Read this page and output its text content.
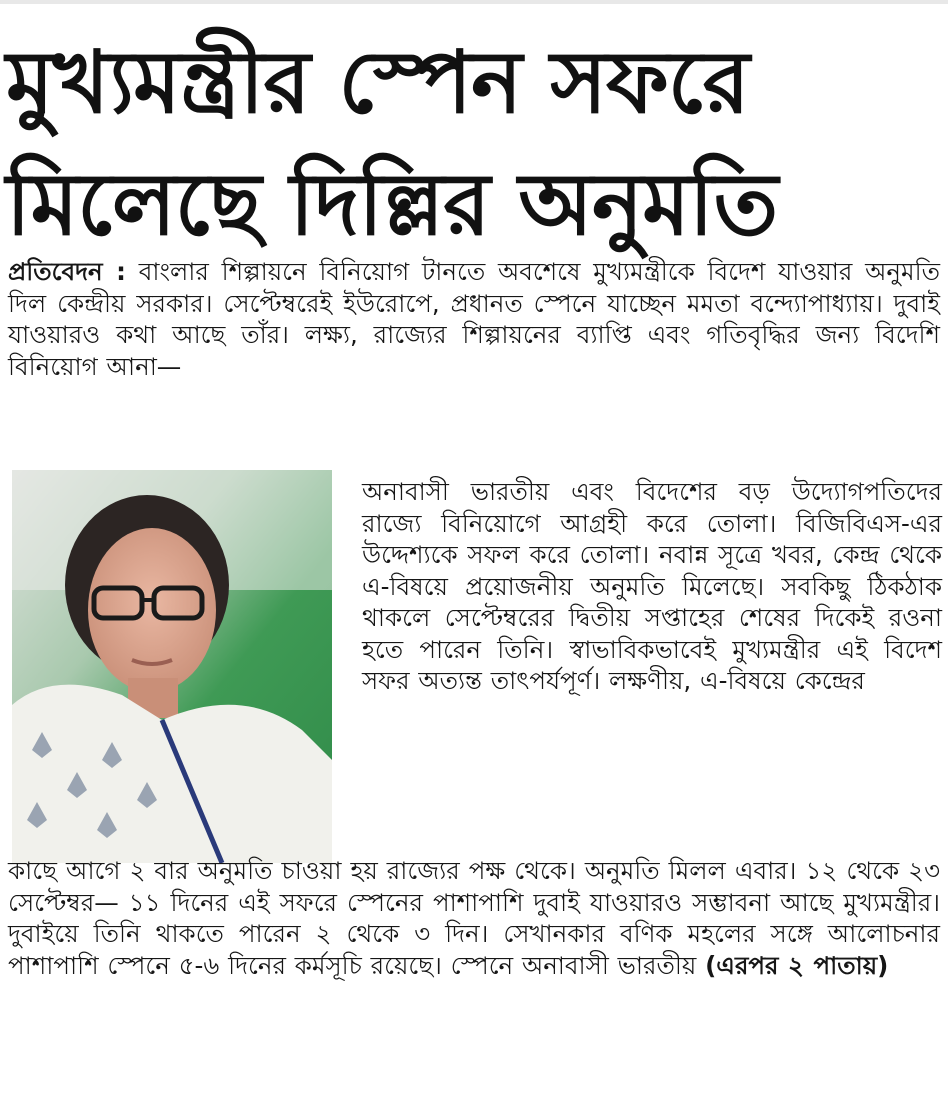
মুখ্যমন্ত্রীর স্পেন সফরে
মিলেছে দিল্লির অনুমতি
প্রতিবেদন : বাংলার শিল্পায়নে বিনিয়োগ টানতে অবশেষে মুখ্যমন্ত্রীকে বিদেশ যাওয়ার অনুমতি দিল কেন্দ্রীয় সরকার। সেপ্টেম্বরেই ইউরোপে, প্রধানত স্পেনে যাচ্ছেন মমতা বন্দ্যোপাধ্যায়। দুবাই যাওয়ারও কথা আছে তাঁর। লক্ষ্য, রাজ্যের শিল্পায়নের ব্যাপ্তি এবং গতিবৃদ্ধির জন্য বিদেশি বিনিয়োগ আনা—
অনাবাসী ভারতীয় এবং বিদেশের বড় উদ্যোগপতিদের রাজ্যে বিনিয়োগে আগ্রহী করে তোলা। বিজিবিএস-এর উদ্দেশ্যকে সফল করে তোলা। নবান্ন সূত্রে খবর, কেন্দ্র থেকে এ-বিষয়ে প্রয়োজনীয় অনুমতি মিলেছে। সবকিছু ঠিকঠাক থাকলে সেপ্টেম্বরের দ্বিতীয় সপ্তাহের শেষের দিকেই রওনা হতে পারেন তিনি। স্বাভাবিকভাবেই মুখ্যমন্ত্রীর এই বিদেশ সফর অত্যন্ত তাৎপর্যপূর্ণ। লক্ষণীয়, এ-বিষয়ে কেন্দ্রের
কাছে আগে ২ বার অনুমতি চাওয়া হয় রাজ্যের পক্ষ থেকে। অনুমতি মিলল এবার। ১২ থেকে ২৩ সেপ্টেম্বর— ১১ দিনের এই সফরে স্পেনের পাশাপাশি দুবাই যাওয়ারও সম্ভাবনা আছে মুখ্যমন্ত্রীর। দুবাইয়ে তিনি থাকতে পারেন ২ থেকে ৩ দিন। সেখানকার বণিক মহলের সঙ্গে আলোচনার পাশাপাশি স্পেনে ৫-৬ দিনের কর্মসূচি রয়েছে। স্পেনে অনাবাসী ভারতীয় (এরপর ২ পাতায়)
